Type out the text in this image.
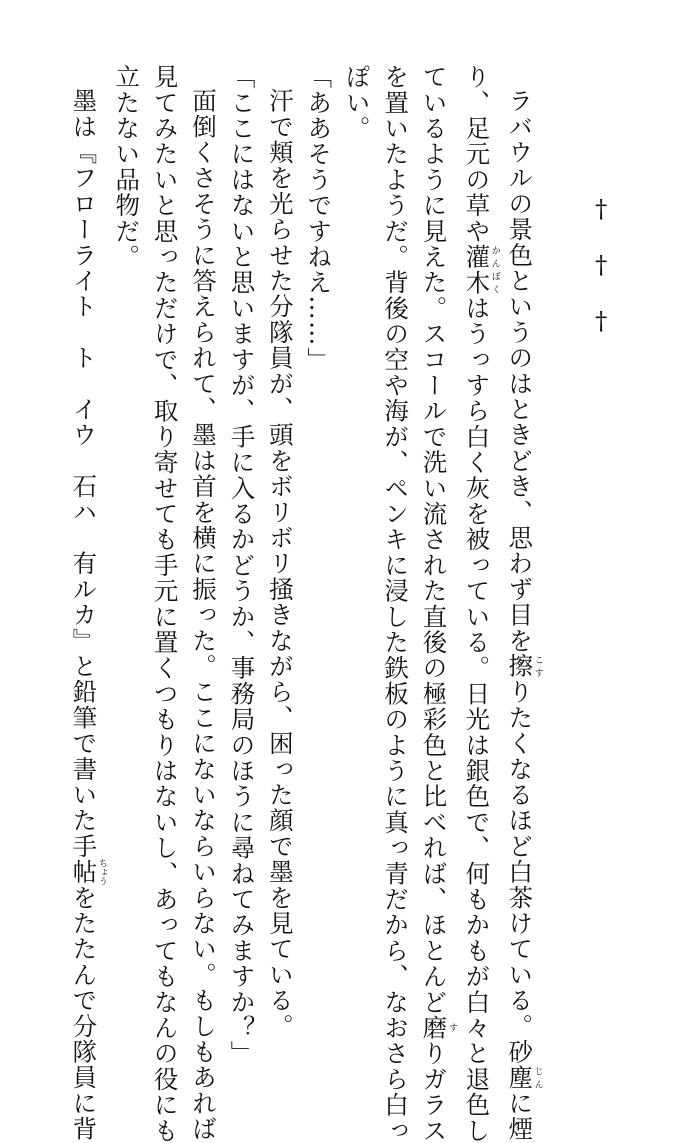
†　†　†

ラバウルの景色というのはときどき、思わず目を擦こすりたくなるほど白茶けている。砂塵じんに煙
り、足元の草や灌木かんぼくはうっすら白く灰を被っている。日光は銀色で、何もかもが白々と退色し
ているように見えた。スコールで洗い流された直後の極彩色と比べれば、ほとんど磨すりガラス
を置いたようだ。背後の空や海が、ペンキに浸した鉄板のように真っ青だから、なおさら白っ
ぽい。
「ああそうですねえ……」
汗で頬を光らせた分隊員が、頭をボリボリ掻きながら、困った顔で墨を見ている。
「ここにはないと思いますが、手に入るかどうか、事務局のほうに尋ねてみますか？」
面倒くさそうに答えられて、墨は首を横に振った。ここにないならいらない。もしもあれば
見てみたいと思っただけで、取り寄せても手元に置くつもりはないし、あってもなんの役にも
立たない品物だ。
墨は『フローライト　ト　イウ　石ハ　有ルカ』と鉛筆で書いた手帖ちょうをたたんで分隊員に背
